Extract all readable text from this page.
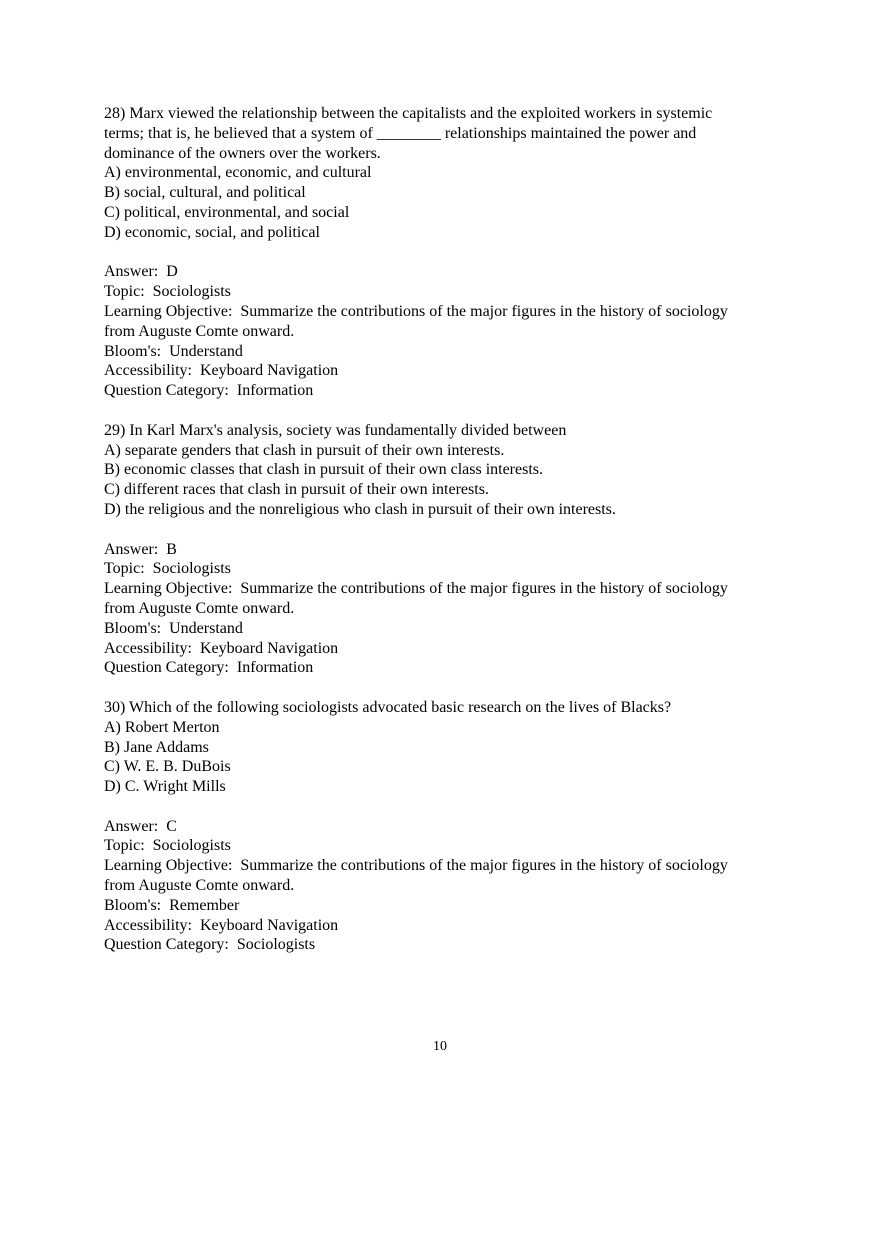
28) Marx viewed the relationship between the capitalists and the exploited workers in systemic
terms; that is, he believed that a system of ________ relationships maintained the power and
dominance of the owners over the workers.
A) environmental, economic, and cultural
B) social, cultural, and political
C) political, environmental, and social
D) economic, social, and political
Answer:  D
Topic:  Sociologists
Learning Objective:  Summarize the contributions of the major figures in the history of sociology
from Auguste Comte onward.
Bloom's:  Understand
Accessibility:  Keyboard Navigation
Question Category:  Information
29) In Karl Marx's analysis, society was fundamentally divided between
A) separate genders that clash in pursuit of their own interests.
B) economic classes that clash in pursuit of their own class interests.
C) different races that clash in pursuit of their own interests.
D) the religious and the nonreligious who clash in pursuit of their own interests.
Answer:  B
Topic:  Sociologists
Learning Objective:  Summarize the contributions of the major figures in the history of sociology
from Auguste Comte onward.
Bloom's:  Understand
Accessibility:  Keyboard Navigation
Question Category:  Information
30) Which of the following sociologists advocated basic research on the lives of Blacks?
A) Robert Merton
B) Jane Addams
C) W. E. B. DuBois
D) C. Wright Mills
Answer:  C
Topic:  Sociologists
Learning Objective:  Summarize the contributions of the major figures in the history of sociology
from Auguste Comte onward.
Bloom's:  Remember
Accessibility:  Keyboard Navigation
Question Category:  Sociologists
10
